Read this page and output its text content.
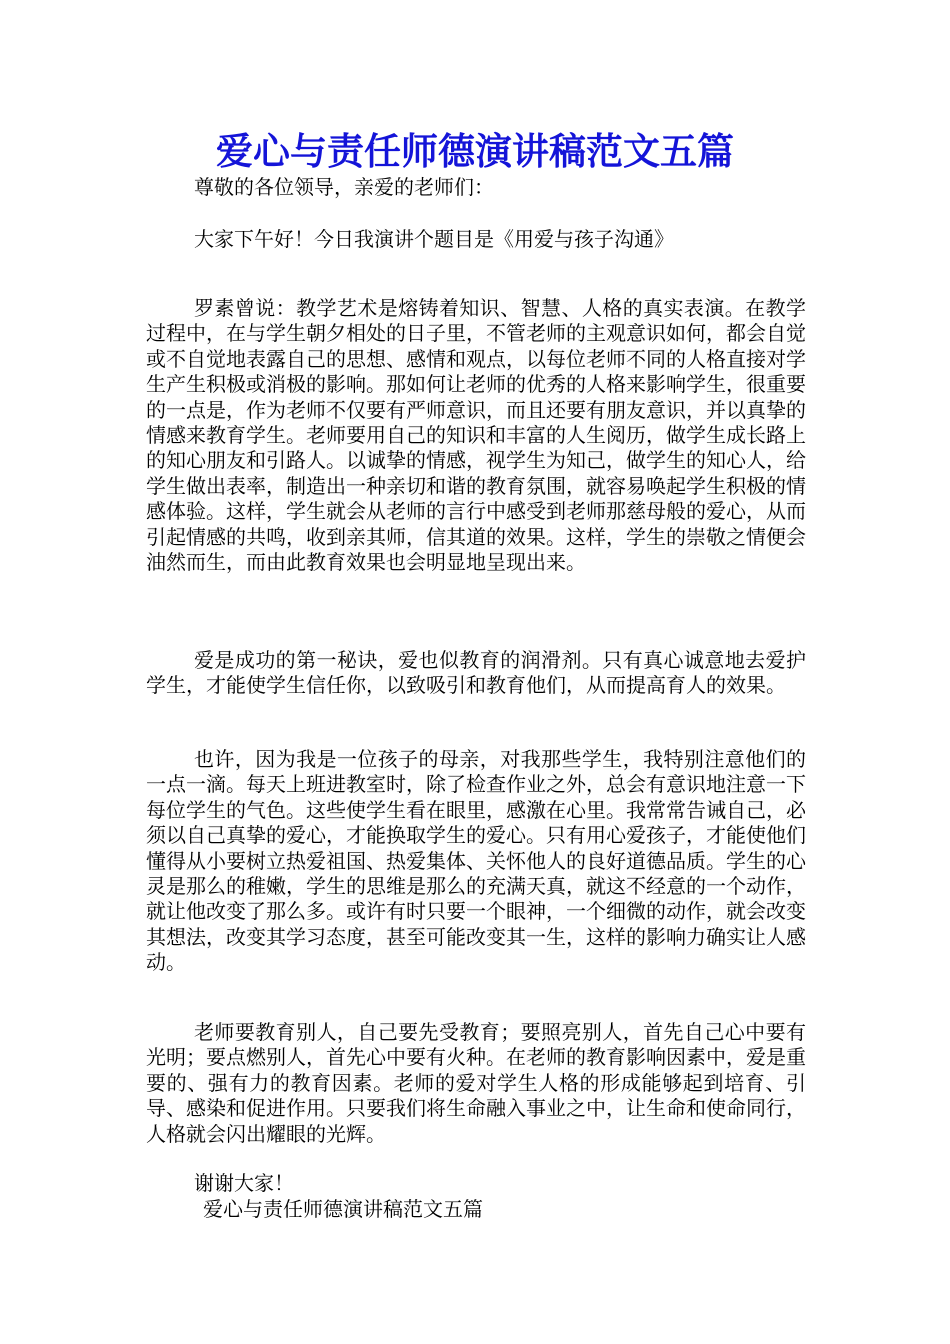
爱心与责任师德演讲稿范文五篇
尊敬的各位领导，亲爱的老师们：
大家下午好！今日我演讲个题目是《用爱与孩子沟通》
罗素曾说：教学艺术是熔铸着知识、智慧、人格的真实表演。在教学过程中，在与学生朝夕相处的日子里，不管老师的主观意识如何，都会自觉或不自觉地表露自己的思想、感情和观点，以每位老师不同的人格直接对学生产生积极或消极的影响。那如何让老师的优秀的人格来影响学生，很重要的一点是，作为老师不仅要有严师意识，而且还要有朋友意识，并以真挚的情感来教育学生。老师要用自己的知识和丰富的人生阅历，做学生成长路上的知心朋友和引路人。以诚挚的情感，视学生为知己，做学生的知心人，给学生做出表率，制造出一种亲切和谐的教育氛围，就容易唤起学生积极的情感体验。这样，学生就会从老师的言行中感受到老师那慈母般的爱心，从而引起情感的共鸣，收到亲其师，信其道的效果。这样，学生的崇敬之情便会油然而生，而由此教育效果也会明显地呈现出来。
爱是成功的第一秘诀，爱也似教育的润滑剂。只有真心诚意地去爱护学生，才能使学生信任你，以致吸引和教育他们，从而提高育人的效果。
也许，因为我是一位孩子的母亲，对我那些学生，我特别注意他们的一点一滴。每天上班进教室时，除了检查作业之外，总会有意识地注意一下每位学生的气色。这些使学生看在眼里，感激在心里。我常常告诫自己，必须以自己真挚的爱心，才能换取学生的爱心。只有用心爱孩子，才能使他们懂得从小要树立热爱祖国、热爱集体、关怀他人的良好道德品质。学生的心灵是那么的稚嫩，学生的思维是那么的充满天真，就这不经意的一个动作，就让他改变了那么多。或许有时只要一个眼神，一个细微的动作，就会改变其想法，改变其学习态度，甚至可能改变其一生，这样的影响力确实让人感动。
老师要教育别人，自己要先受教育；要照亮别人，首先自己心中要有光明；要点燃别人，首先心中要有火种。在老师的教育影响因素中，爱是重要的、强有力的教育因素。老师的爱对学生人格的形成能够起到培育、引导、感染和促进作用。只要我们将生命融入事业之中，让生命和使命同行，人格就会闪出耀眼的光辉。
谢谢大家！
爱心与责任师德演讲稿范文五篇
